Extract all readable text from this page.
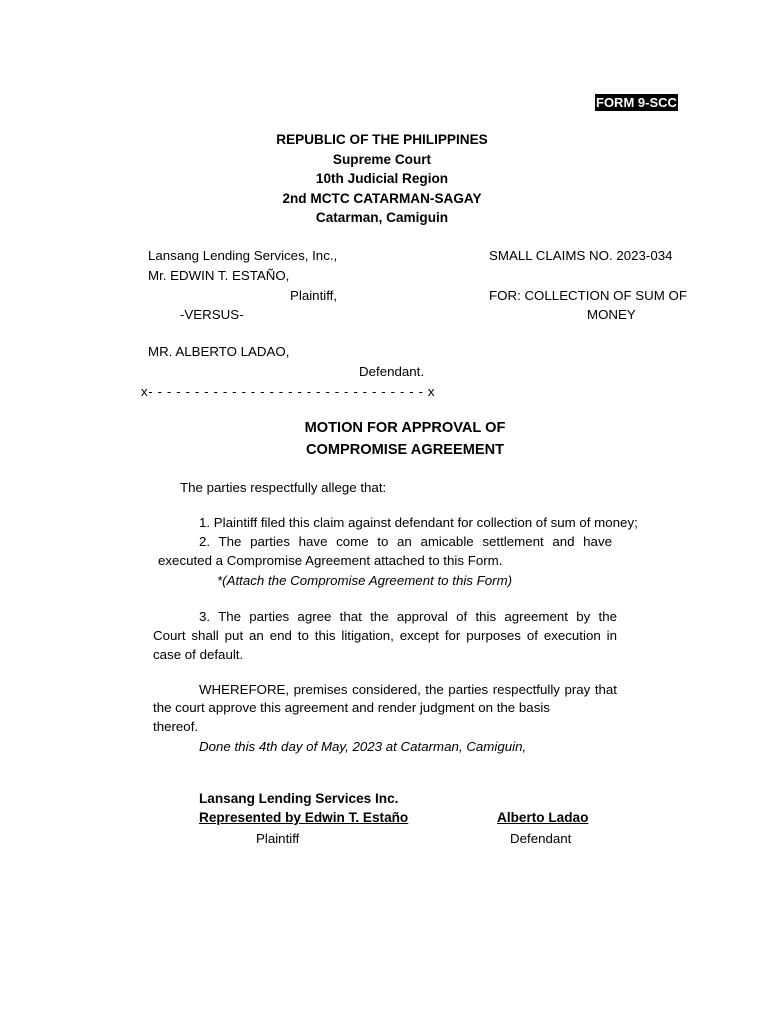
FORM 9-SCC
REPUBLIC OF THE PHILIPPINES
Supreme Court
10th Judicial Region
2nd MCTC CATARMAN-SAGAY
Catarman, Camiguin
Lansang Lending Services, Inc.,
Mr. EDWIN T. ESTAÑO,
Plaintiff,
-VERSUS-
MR. ALBERTO LADAO,
Defendant.
x- - - - - - - - - - - - - - - - - - - - - - - - - - - - - - x
SMALL CLAIMS NO. 2023-034
FOR: COLLECTION OF SUM OF
MONEY
MOTION FOR APPROVAL OF
COMPROMISE AGREEMENT
The parties respectfully allege that:
1. Plaintiff filed this claim against defendant for collection of sum of money;
2. The parties have come to an amicable settlement and have
executed a Compromise Agreement attached to this Form.
*(Attach the Compromise Agreement to this Form)
3. The parties agree that the approval of this agreement by the
Court shall put an end to this litigation, except for purposes of execution in
case of default.
WHEREFORE, premises considered, the parties respectfully pray that
the court approve this agreement and render judgment on the basis
thereof.
Done this 4th day of May, 2023 at Catarman, Camiguin,
Lansang Lending Services Inc.
Represented by Edwin T. Estaño
Plaintiff
Alberto Ladao
Defendant
